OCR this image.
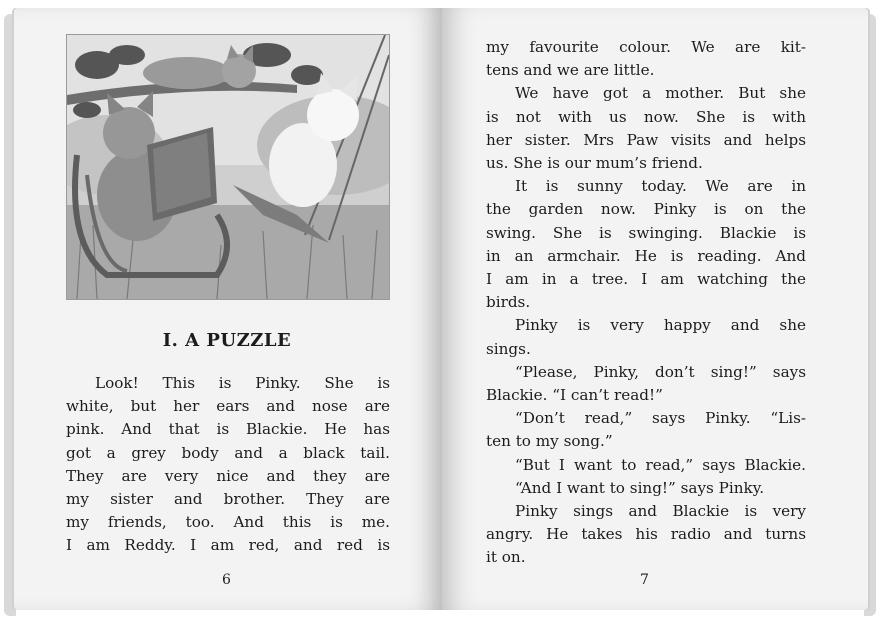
I. A PUZZLE
Look! This is Pinky. She is
white, but her ears and nose are
pink. And that is Blackie. He has
got a grey body and a black tail.
They are very nice and they are
my sister and brother. They are
my friends, too. And this is me.
I am Reddy. I am red, and red is
6
my favourite colour. We are kit-
tens and we are little.
We have got a mother. But she
is not with us now. She is with
her sister. Mrs Paw visits and helps
us. She is our mum’s friend.
It is sunny today. We are in
the garden now. Pinky is on the
swing. She is swinging. Blackie is
in an armchair. He is reading. And
I am in a tree. I am watching the
birds.
Pinky is very happy and she
sings.
“Please, Pinky, don’t sing!” says
Blackie. “I can’t read!”
“Don’t read,” says Pinky. “Lis-
ten to my song.”
“But I want to read,” says Blackie.
“And I want to sing!” says Pinky.
Pinky sings and Blackie is very
angry. He takes his radio and turns
it on.
7
